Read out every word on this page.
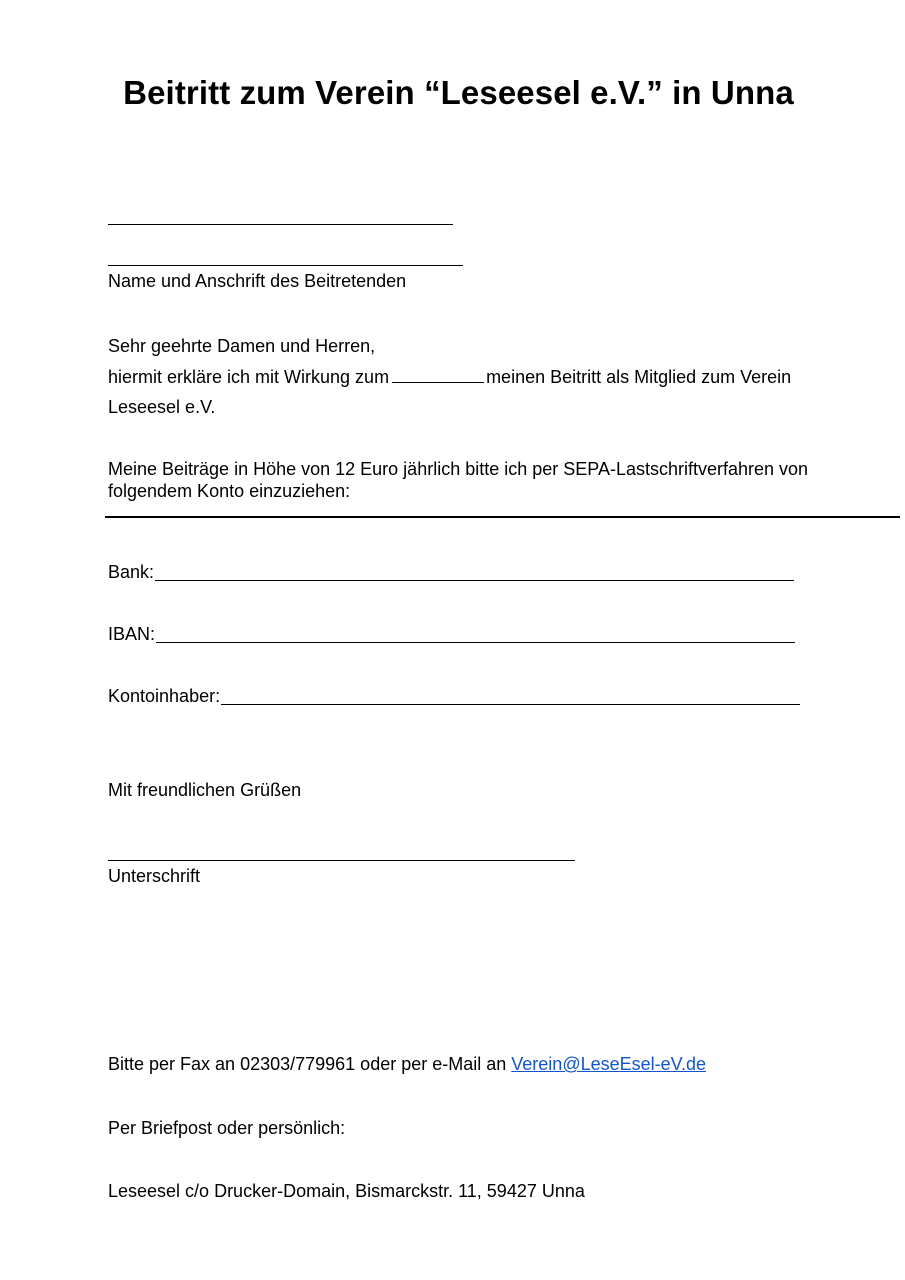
Beitritt zum Verein “Leseesel e.V.” in Unna
Name und Anschrift des Beitretenden
Sehr geehrte Damen und Herren,
hiermit erkläre ich mit Wirkung zum	meinen Beitritt als Mitglied zum Verein
Leseesel e.V.
Meine Beiträge in Höhe von 12 Euro jährlich bitte ich per SEPA-Lastschriftverfahren von
folgendem Konto einzuziehen:
Bank:
IBAN:
Kontoinhaber:
Mit freundlichen Grüßen
Unterschrift
Bitte per Fax an 02303/779961 oder per e-Mail an Verein@LeseEsel-eV.de
Per Briefpost oder persönlich:
Leseesel c/o Drucker-Domain, Bismarckstr. 11, 59427 Unna
